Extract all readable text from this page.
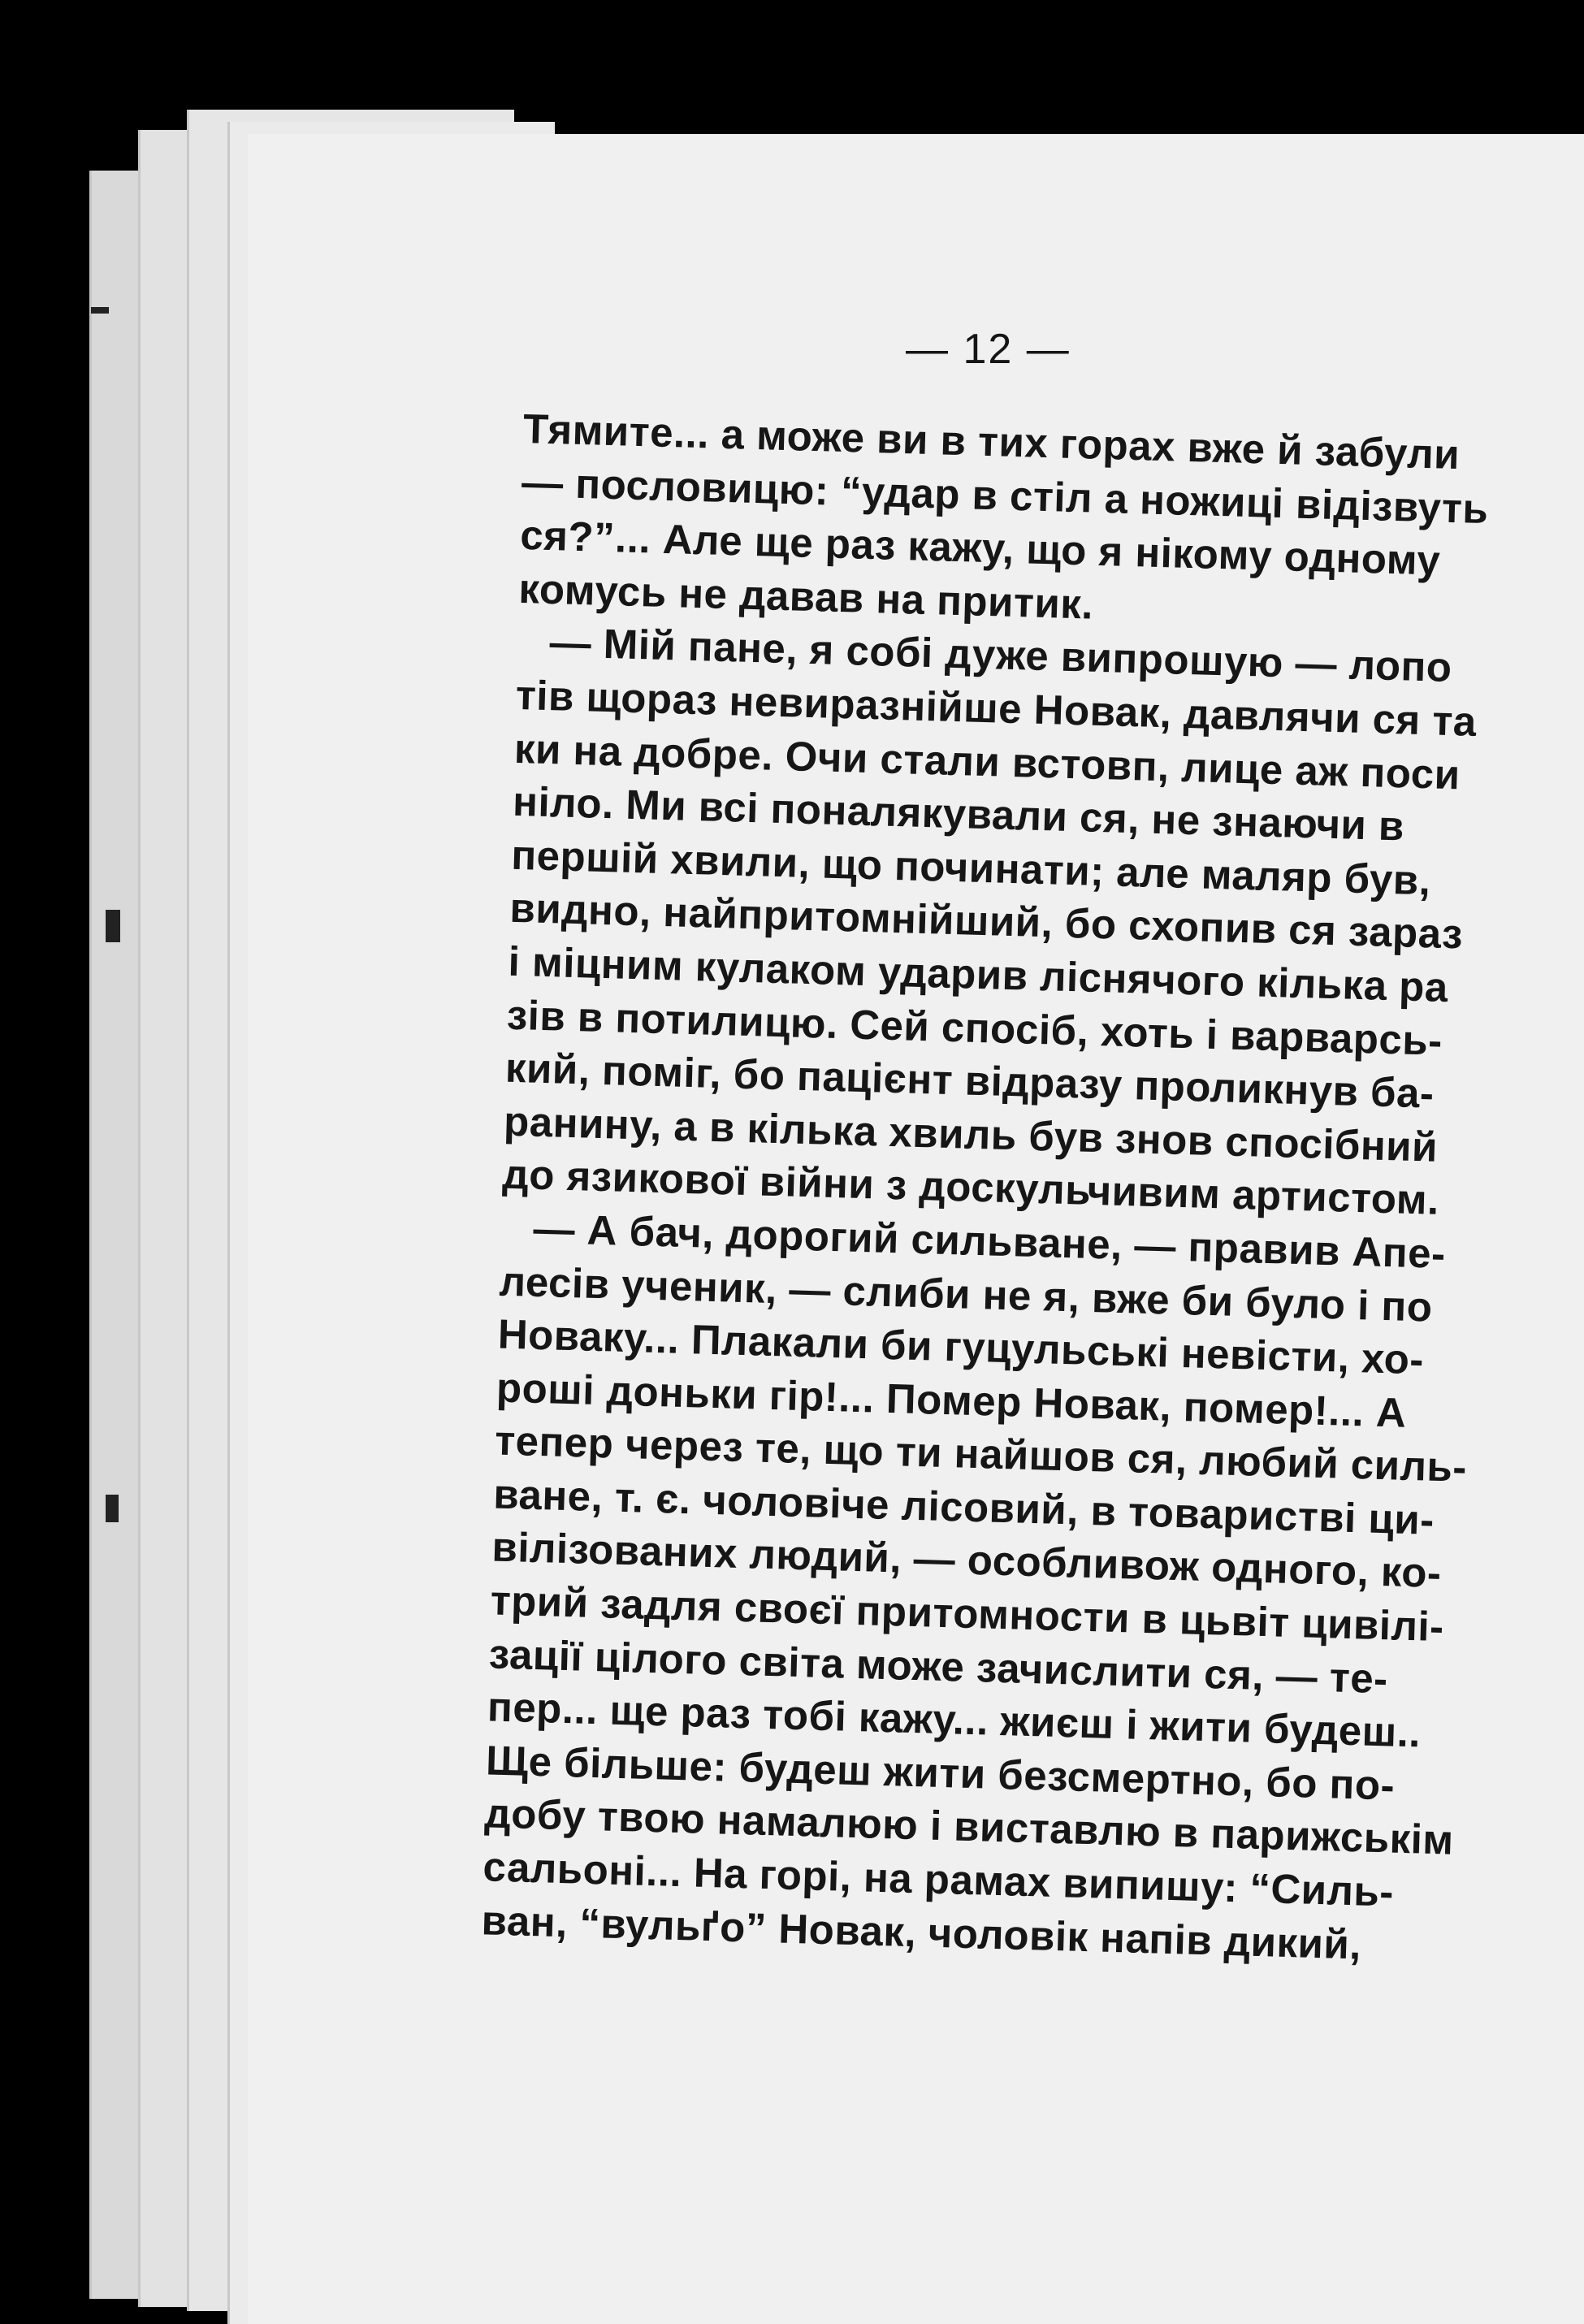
— 12 —
Тямите... а може ви в тих горах вже й забули
— пословицю: “удар в стіл а ножиці відізвуть
ся?”... Але ще раз кажу, що я нікому одному
комусь не давав на притик.
— Мій пане, я собі дуже випрошую — лопо
тів щораз невиразнійше Новак, давлячи ся та
ки на добре. Очи стали встовп, лице аж поси
ніло. Ми всі поналякували ся, не знаючи в
першій хвили, що починати; але маляр був,
видно, найпритомнійший, бо схопив ся зараз
і міцним кулаком ударив ліснячого кілька ра
зів в потилицю. Сей спосіб, хоть і варварсь-
кий, поміг, бо пацієнт відразу проликнув ба-
ранину, а в кілька хвиль був знов спосібний
до язикової війни з доскульчивим артистом.
— А бач, дорогий сильване, — правив Апе-
лесів ученик, — слиби не я, вже би було і по
Новаку... Плакали би гуцульські невісти, хо-
роші доньки гір!... Помер Новак, помер!... А
тепер через те, що ти найшов ся, любий силь-
ване, т. є. чоловіче лісовий, в товаристві ци-
вілізованих людий, — особливож одного, ко-
трий задля своєї притомности в цьвіт цивілі-
зації цілого світа може зачислити ся, — те-
пер... ще раз тобі кажу... жиєш і жити будеш..
Ще більше: будеш жити безсмертно, бо по-
добу твою намалюю і виставлю в парижськім
сальоні... На горі, на рамах випишу: “Силь-
ван, “вульґо” Новак, чоловік напів дикий,
